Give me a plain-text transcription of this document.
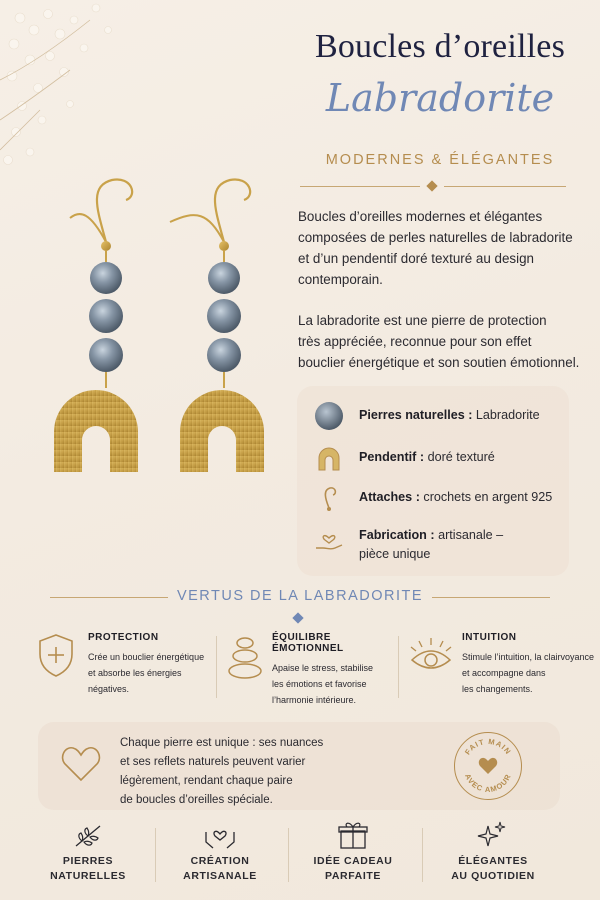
Boucles d’oreilles
Labradorite
MODERNES & ÉLÉGANTES
Boucles d’oreilles modernes et élégantes
composées de perles naturelles de labradorite
et d’un pendentif doré texturé au design
contemporain.
La labradorite est une pierre de protection
très appréciée, reconnue pour son effet
bouclier énergétique et son soutien émotionnel.
Pierres naturelles : Labradorite
Pendentif : doré texturé
Attaches : crochets en argent 925
Fabrication : artisanale –
pièce unique
VERTUS DE LA LABRADORITE
PROTECTION
Crée un bouclier énergétique
et absorbe les énergies
négatives.
ÉQUILIBRE ÉMOTIONNEL
Apaise le stress, stabilise
les émotions et favorise
l’harmonie intérieure.
INTUITION
Stimule l’intuition, la clairvoyance
et accompagne dans
les changements.
Chaque pierre est unique : ses nuances
et ses reflets naturels peuvent varier
légèrement, rendant chaque paire
de boucles d’oreilles spéciale.
FAIT MAIN
AVEC AMOUR
PIERRES
NATURELLES
CRÉATION
ARTISANALE
IDÉE CADEAU
PARFAITE
ÉLÉGANTES
AU QUOTIDIEN
